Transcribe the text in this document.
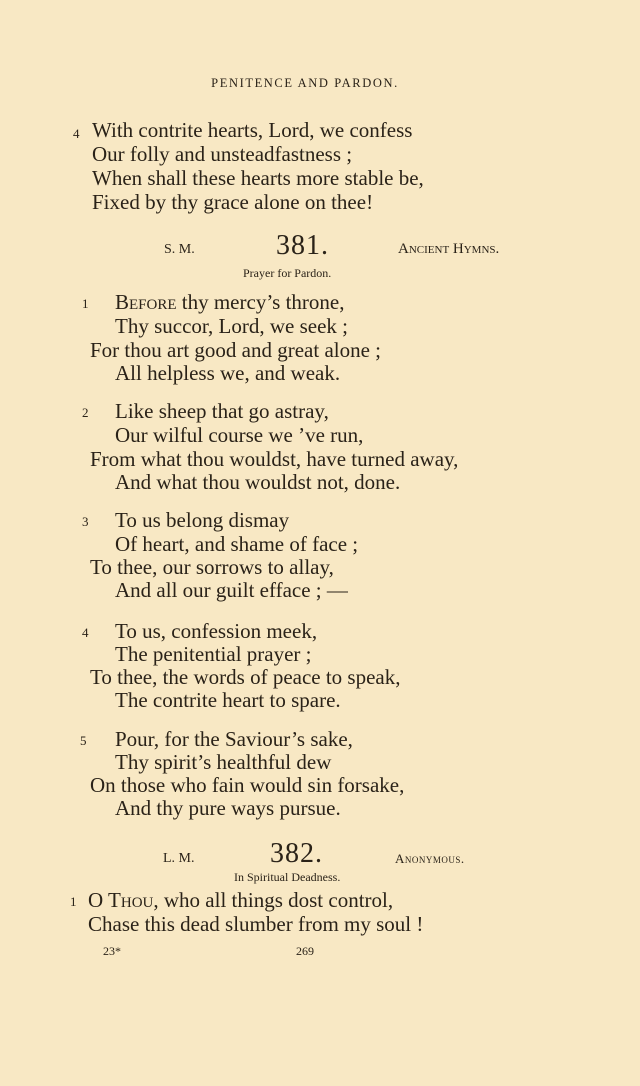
PENITENCE AND PARDON.
4 With contrite hearts, Lord, we confess
Our folly and unsteadfastness ;
When shall these hearts more stable be,
Fixed by thy grace alone on thee!
S. M.	381.	Ancient Hymns.
Prayer for Pardon.
1 Before thy mercy’s throne,
Thy succor, Lord, we seek ;
For thou art good and great alone ;
All helpless we, and weak.
2 Like sheep that go astray,
Our wilful course we ’ve run,
From what thou wouldst, have turned away,
And what thou wouldst not, done.
3 To us belong dismay
Of heart, and shame of face ;
To thee, our sorrows to allay,
And all our guilt efface ; —
4 To us, confession meek,
The penitential prayer ;
To thee, the words of peace to speak,
The contrite heart to spare.
5 Pour, for the Saviour’s sake,
Thy spirit’s healthful dew
On those who fain would sin forsake,
And thy pure ways pursue.
L. M.	382.	Anonymous.
In Spiritual Deadness.
1 O Thou, who all things dost control,
Chase this dead slumber from my soul !
23*	269
